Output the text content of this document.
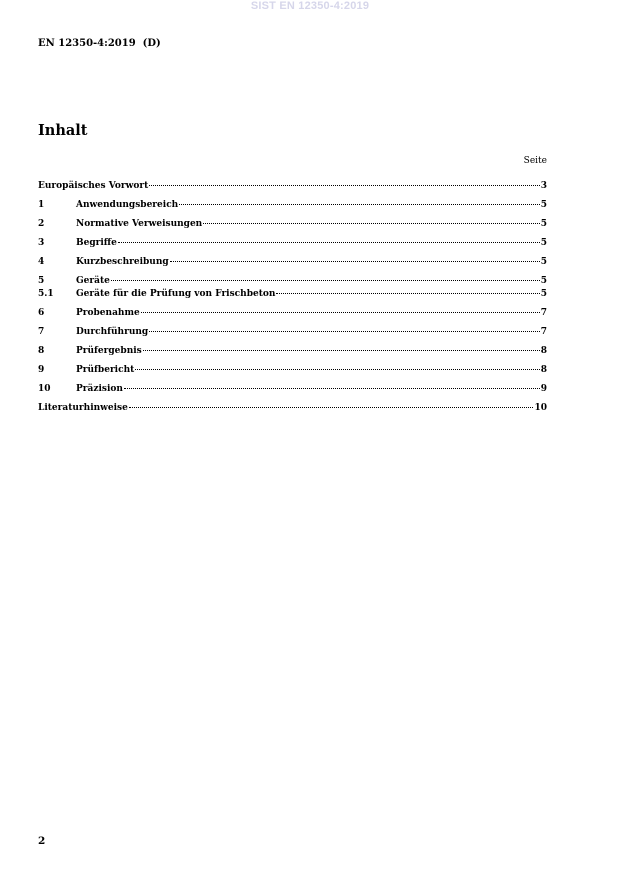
SIST EN 12350-4:2019
EN 12350-4:2019  (D)
Inhalt
Seite
Europäisches Vorwort	3
1	Anwendungsbereich	5
2	Normative Verweisungen	5
3	Begriffe	5
4	Kurzbeschreibung	5
5	Geräte	5
5.1	Geräte für die Prüfung von Frischbeton	5
6	Probenahme	7
7	Durchführung	7
8	Prüfergebnis	8
9	Prüfbericht	8
10	Präzision	9
Literaturhinweise	10
2
